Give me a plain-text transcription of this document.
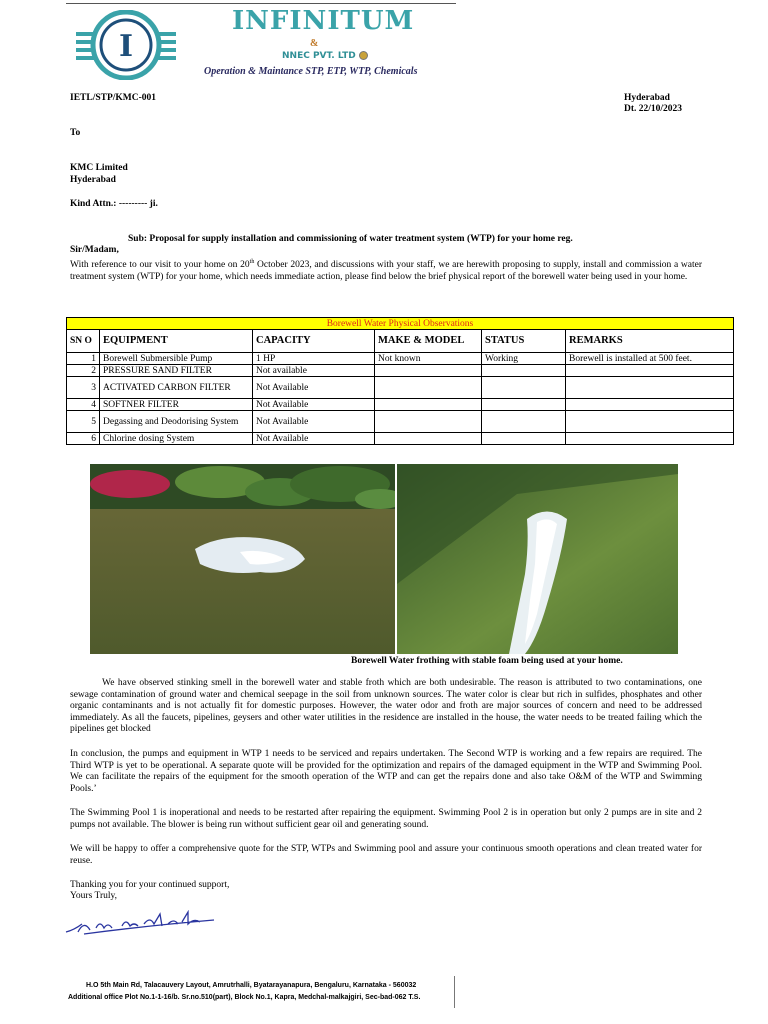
I
INFINITUM
&
NNEC PVT. LTD
Operation & Maintance STP, ETP, WTP, Chemicals
IETL/STP/KMC-001	Hyderabad
Dt. 22/10/2023
To
KMC Limited
Hyderabad
Kind Attn.: --------- ji.
Sub: Proposal for supply installation and commissioning of water treatment system (WTP) for your home reg.
Sir/Madam,
With reference to our visit to your home on 20th October 2023, and discussions with your staff, we are herewith proposing to supply, install and commission a water treatment system (WTP) for your home, which needs immediate action, please find below the brief physical report of the borewell water being used in your home.
Borewell Water Physical Observations					
SN O	EQUIPMENT	CAPACITY	MAKE & MODEL	STATUS	REMARKS
1	Borewell Submersible Pump	1 HP	Not known	Working	Borewell is installed at 500 feet.
2	PRESSURE SAND FILTER	Not available			
3	ACTIVATED CARBON FILTER	Not Available			
4	SOFTNER FILTER	Not Available			
5	Degassing and Deodorising System	Not Available			
6	Chlorine dosing System	Not Available			
Borewell Water frothing with stable foam being used at your home.
We have observed stinking smell in the borewell water and stable froth which are both undesirable. The reason is attributed to two contaminations, one sewage contamination of ground water and chemical seepage in the soil from unknown sources. The water color is clear but rich in sulfides, phosphates and other organic contaminants and is not actually fit for domestic purposes. However, the water odor and froth are major sources of concern and need to be addressed immediately. As all the faucets, pipelines, geysers and other water utilities in the residence are installed in the house, the water needs to be treated failing which the pipelines get blocked
In conclusion, the pumps and equipment in WTP 1 needs to be serviced and repairs undertaken. The Second WTP is working and a few repairs are required. The Third WTP is yet to be operational. A separate quote will be provided for the optimization and repairs of the damaged equipment in the WTP and Swimming Pool. We can facilitate the repairs of the equipment for the smooth operation of the WTP and can get the repairs done and also take O&M of the WTP and Swimming Pools.’
The Swimming Pool 1 is inoperational and needs to be restarted after repairing the equipment. Swimming Pool 2 is in operation but only 2 pumps are in site and 2 pumps not available. The blower is being run without sufficient gear oil and generating sound.
We will be happy to offer a comprehensive quote for the STP, WTPs and Swimming pool and assure your continuous smooth operations and clean treated water for reuse.
Thanking you for your continued support,
Yours Truly,
H.O 5th Main Rd, Talacauvery Layout, Amrutrhalli, Byatarayanapura, Bengaluru, Karnataka - 560032
Additional office Plot No.1-1-16/b. Sr.no.510(part), Block No.1, Kapra, Medchal-malkajgiri, Sec-bad-062 T.S.
